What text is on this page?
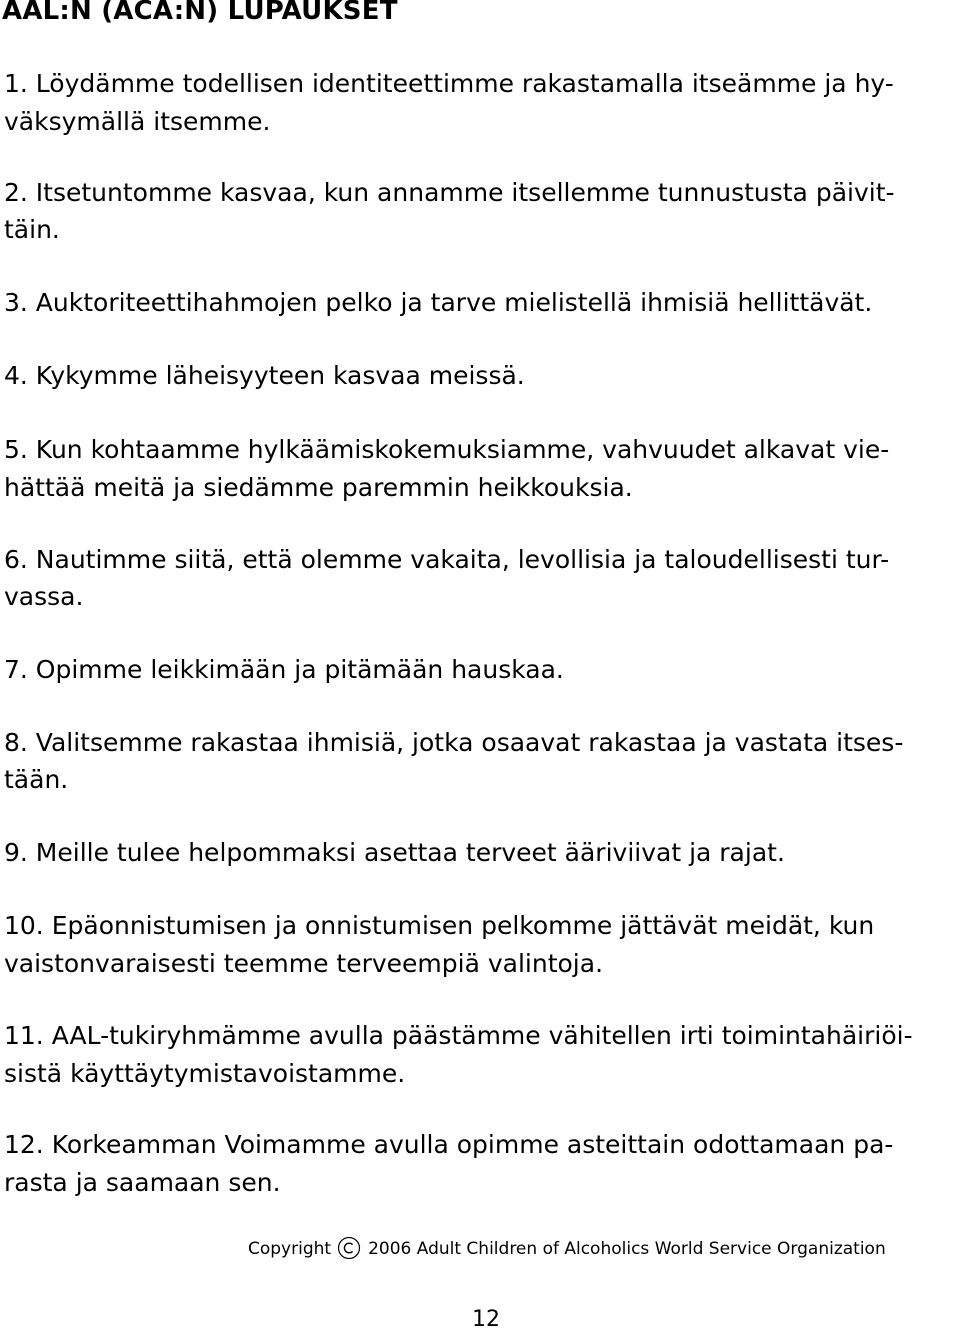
AAL:N (ACA:N) LUPAUKSET
1. Löydämme todellisen identiteettimme rakastamalla itseämme ja hy-
väksymällä itsemme.
2. Itsetuntomme kasvaa, kun annamme itsellemme tunnustusta päivit-
täin.
3. Auktoriteettihahmojen pelko ja tarve mielistellä ihmisiä hellittävät.
4. Kykymme läheisyyteen kasvaa meissä.
5. Kun kohtaamme hylkäämiskokemuksiamme, vahvuudet alkavat vie-
hättää meitä ja siedämme paremmin heikkouksia.
6. Nautimme siitä, että olemme vakaita, levollisia ja taloudellisesti tur-
vassa.
7. Opimme leikkimään ja pitämään hauskaa.
8. Valitsemme rakastaa ihmisiä, jotka osaavat rakastaa ja vastata itses-
tään.
9. Meille tulee helpommaksi asettaa terveet ääriviivat ja rajat.
10. Epäonnistumisen ja onnistumisen pelkomme jättävät meidät, kun
vaistonvaraisesti teemme terveempiä valintoja.
11. AAL-tukiryhmämme avulla päästämme vähitellen irti toimintahäiriöi-
sistä käyttäytymistavoistamme.
12. Korkeamman Voimamme avulla opimme asteittain odottamaan pa-
rasta ja saamaan sen.
Copyright 2006 Adult Children of Alcoholics World Service Organization
12
